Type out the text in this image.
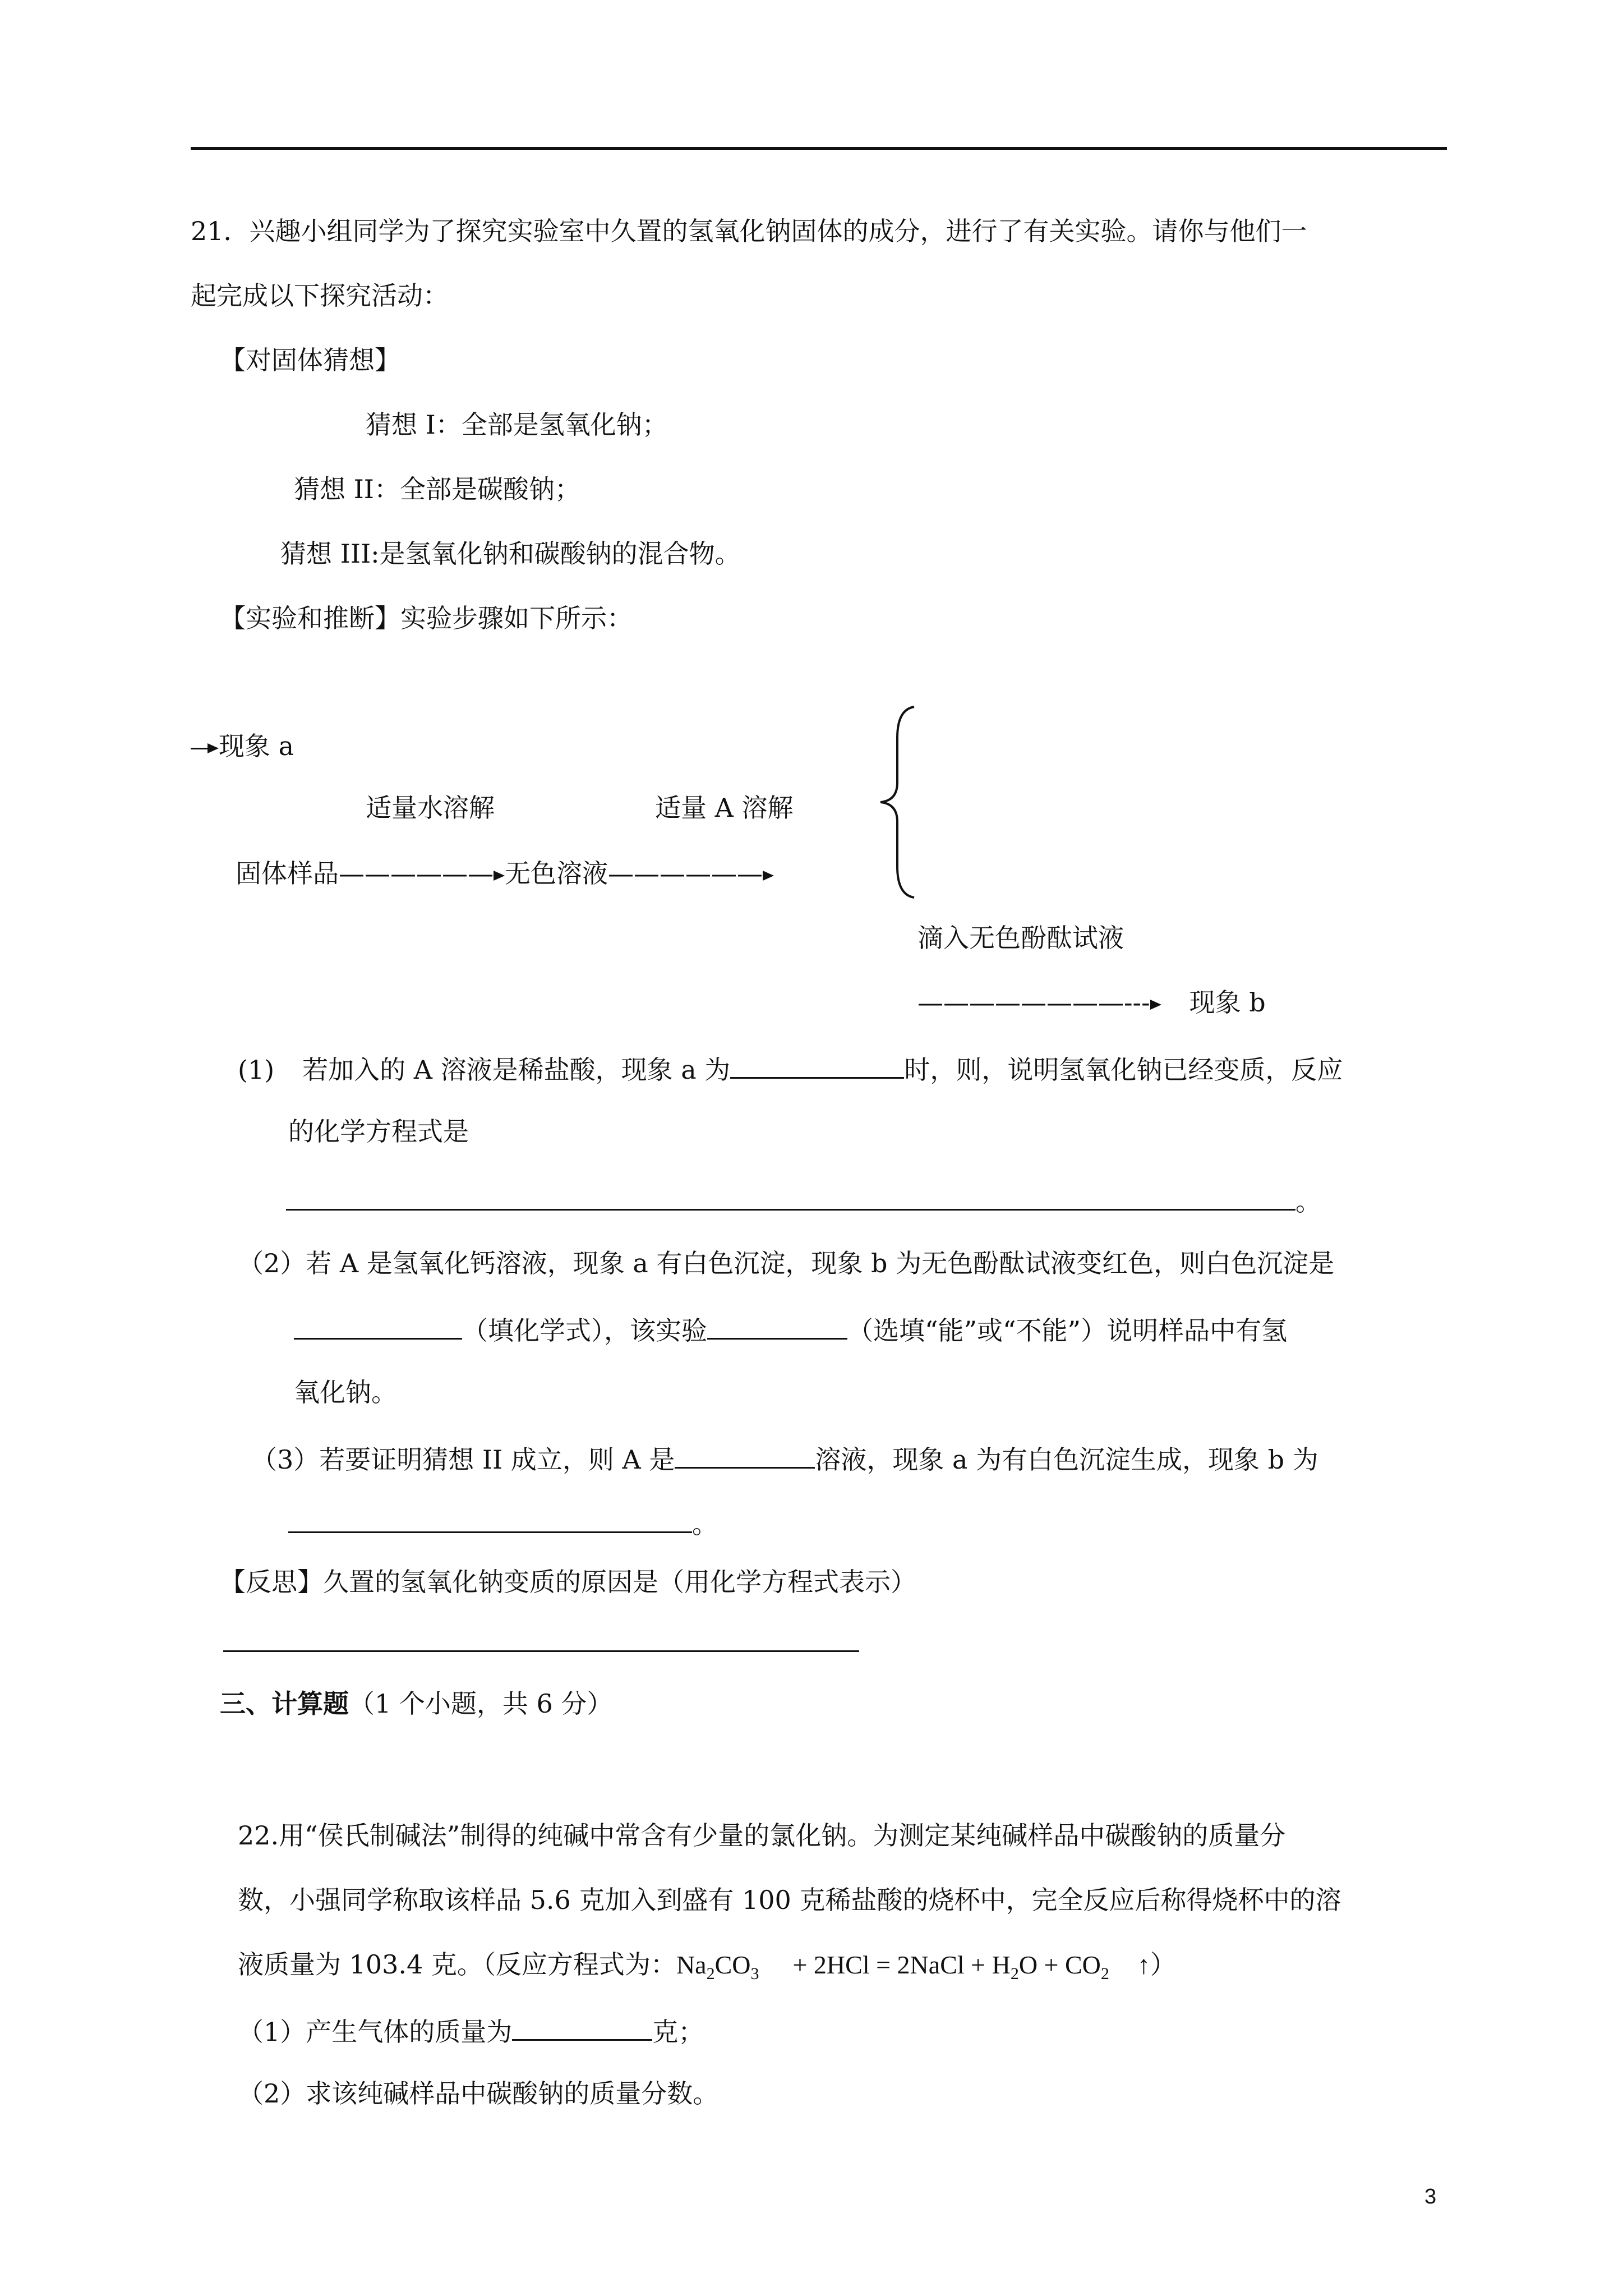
21．兴趣小组同学为了探究实验室中久置的氢氧化钠固体的成分，进行了有关实验。请你与他们一
起完成以下探究活动：
【对固体猜想】
猜想 I：全部是氢氧化钠；
猜想 II：全部是碳酸钠；
猜想 III:是氢氧化钠和碳酸钠的混合物。
【实验和推断】实验步骤如下所示：
现象 a
适量水溶解	适量 A 溶解
固体样品—————— 无色溶液——————
滴入无色酚酞试液
————————--- 现象 b
(1) 若加入的 A 溶液是稀盐酸，现象 a 为	时，则，说明氢氧化钠已经变质，反应
的化学方程式是
。
（2）若 A 是氢氧化钙溶液，现象 a 有白色沉淀，现象 b 为无色酚酞试液变红色，则白色沉淀是
（填化学式），该实验	（选填“能”或“不能”）说明样品中有氢
氧化钠。
（3）若要证明猜想 II 成立，则 A 是	溶液，现象 a 为有白色沉淀生成，现象 b 为
。
【反思】久置的氢氧化钠变质的原因是（用化学方程式表示）
三、计算题（1 个小题，共 6 分）
22.用“侯氏制碱法”制得的纯碱中常含有少量的氯化钠。为测定某纯碱样品中碳酸钠的质量分
数，小强同学称取该样品 5.6 克加入到盛有 100 克稀盐酸的烧杯中，完全反应后称得烧杯中的溶
液质量为 103.4 克。（反应方程式为：$Na_2CO_3 + 2HCl$ = 2NaCl + $H_2O + CO_2$ ↑）
（1）产生气体的质量为	克；
（2）求该纯碱样品中碳酸钠的质量分数。
3
